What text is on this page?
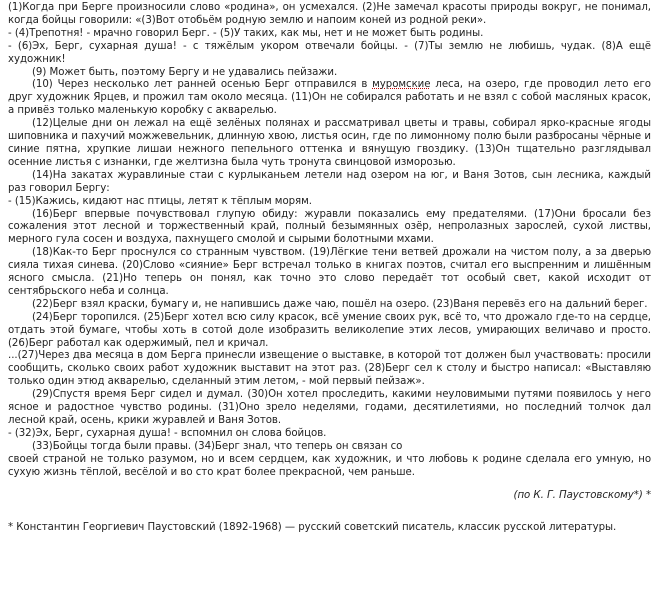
(1)Когда при Берге произносили слово «родина», он усмехался. (2)Не замечал красоты природы вокруг, не понимал, когда бойцы говорили: «(3)Вот отобьём родную землю и напоим коней из родной реки».

- (4)Трепотня! - мрачно говорил Берг. - (5)У таких, как мы, нет и не может быть родины.

- (6)Эх, Берг, сухарная душа! - с тяжёлым укором отвечали бойцы. - (7)Ты землю не любишь, чудак. (8)А ещё художник!

(9) Может быть, поэтому Бергу и не удавались пейзажи.

(10) Через несколько лет ранней осенью Берг отправился в муромские леса, на озеро, где проводил лето его друг художник Ярцев, и прожил там около месяца. (11)Он не собирался работать и не взял с собой масляных красок, а привёз только маленькую коробку с акварелью.

(12)Целые дни он лежал на ещё зелёных полянах и рассматривал цветы и травы, собирал ярко-красные ягоды шиповника и пахучий можжевельник, длинную хвою, листья осин, где по лимонному полю были разбросаны чёрные и синие пятна, хрупкие лишаи нежного пепельного оттенка и вянущую гвоздику. (13)Он тщательно разглядывал осенние листья с изнанки, где желтизна была чуть тронута свинцовой изморозью.

(14)На закатах журавлиные стаи с курлыканьем летели над озером на юг, и Ваня Зотов, сын лесника, каждый раз говорил Бергу:

- (15)Кажись, кидают нас птицы, летят к тёплым морям.

(16)Берг впервые почувствовал глупую обиду: журавли показались ему предателями. (17)Они бросали без сожаления этот лесной и торжественный край, полный безымянных озёр, непролазных зарослей, сухой листвы, мерного гула сосен и воздуха, пахнущего смолой и сырыми болотными мхами.

(18)Как-то Берг проснулся со странным чувством. (19)Лёгкие тени ветвей дрожали на чистом полу, а за дверью сияла тихая синева. (20)Слово «сияние» Берг встречал только в книгах поэтов, считал его выспренним и лишённым ясного смысла. (21)Но теперь он понял, как точно это слово передаёт тот особый свет, какой исходит от сентябрьского неба и солнца.

(22)Берг взял краски, бумагу и, не напившись даже чаю, пошёл на озеро. (23)Ваня перевёз его на дальний берег.

(24)Берг торопился. (25)Берг хотел всю силу красок, всё умение своих рук, всё то, что дрожало где-то на сердце, отдать этой бумаге, чтобы хоть в сотой доле изобразить великолепие этих лесов, умирающих величаво и просто. (26)Берг работал как одержимый, пел и кричал.

...(27)Через два месяца в дом Берга принесли извещение о выставке, в которой тот должен был участвовать: просили сообщить, сколько своих работ художник выставит на этот раз. (28)Берг сел к столу и быстро написал: «Выставляю только один этюд акварелью, сделанный этим летом, - мой первый пейзаж».

(29)Спустя время Берг сидел и думал. (30)Он хотел проследить, какими неуловимыми путями появилось у него ясное и радостное чувство родины. (31)Оно зрело неделями, годами, десятилетиями, но последний толчок дал лесной край, осень, крики журавлей и Ваня Зотов.

- (32)Эх, Берг, сухарная душа! - вспомнил он слова бойцов.

(33)Бойцы тогда были правы. (34)Берг знал, что теперь он связан со

своей страной не только разумом, но и всем сердцем, как художник, и что любовь к родине сделала его умную, но сухую жизнь тёплой, весёлой и во сто крат более прекрасной, чем раньше.

(по К. Г. Паустовскому*) *

* Константин Георгиевич Паустовский (1892-1968) — русский советский писатель, классик русской литературы.
